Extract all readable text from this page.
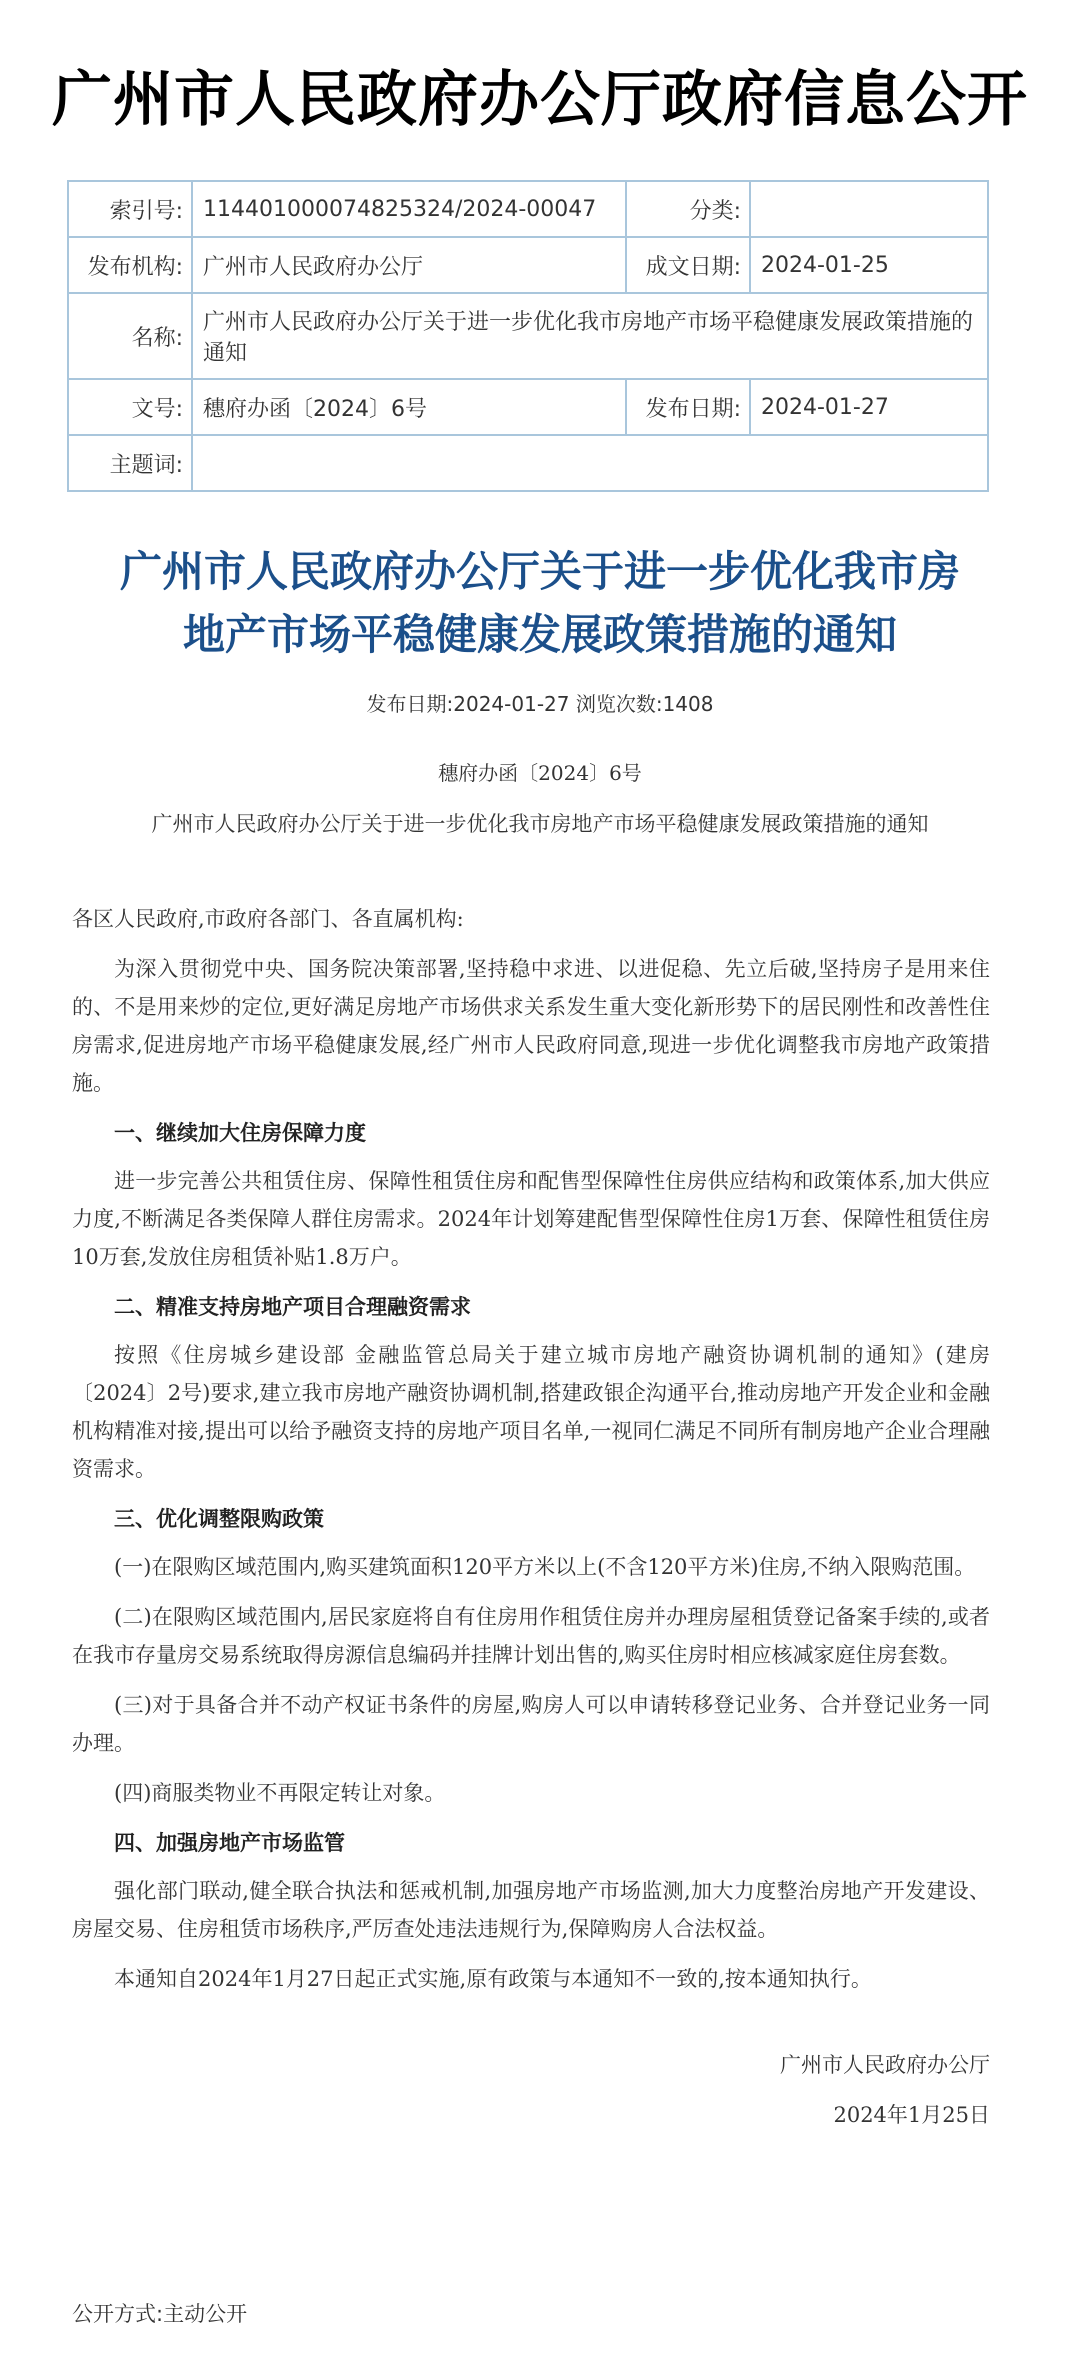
广州市人民政府办公厅政府信息公开
索引号:	114401000074825324/2024-00047	分类:	
发布机构:	广州市人民政府办公厅	成文日期:	2024-01-25
名称:	广州市人民政府办公厅关于进一步优化我市房地产市场平稳健康发展政策措施的通知		
文号:	穗府办函〔2024〕6号	发布日期:	2024-01-27
主题词:			
广州市人民政府办公厅关于进一步优化我市房
地产市场平稳健康发展政策措施的通知
发布日期:2024-01-27 浏览次数:1408
穗府办函〔2024〕6号
广州市人民政府办公厅关于进一步优化我市房地产市场平稳健康发展政策措施的通知

各区人民政府,市政府各部门、各直属机构:

为深入贯彻党中央、国务院决策部署,坚持稳中求进、以进促稳、先立后破,坚持房子是用来住的、不是用来炒的定位,更好满足房地产市场供求关系发生重大变化新形势下的居民刚性和改善性住房需求,促进房地产市场平稳健康发展,经广州市人民政府同意,现进一步优化调整我市房地产政策措施。

一、继续加大住房保障力度

进一步完善公共租赁住房、保障性租赁住房和配售型保障性住房供应结构和政策体系,加大供应力度,不断满足各类保障人群住房需求。2024年计划筹建配售型保障性住房1万套、保障性租赁住房10万套,发放住房租赁补贴1.8万户。

二、精准支持房地产项目合理融资需求

按照《住房城乡建设部 金融监管总局关于建立城市房地产融资协调机制的通知》(建房〔2024〕2号)要求,建立我市房地产融资协调机制,搭建政银企沟通平台,推动房地产开发企业和金融机构精准对接,提出可以给予融资支持的房地产项目名单,一视同仁满足不同所有制房地产企业合理融资需求。

三、优化调整限购政策

(一)在限购区域范围内,购买建筑面积120平方米以上(不含120平方米)住房,不纳入限购范围。

(二)在限购区域范围内,居民家庭将自有住房用作租赁住房并办理房屋租赁登记备案手续的,或者在我市存量房交易系统取得房源信息编码并挂牌计划出售的,购买住房时相应核减家庭住房套数。

(三)对于具备合并不动产权证书条件的房屋,购房人可以申请转移登记业务、合并登记业务一同办理。

(四)商服类物业不再限定转让对象。

四、加强房地产市场监管

强化部门联动,健全联合执法和惩戒机制,加强房地产市场监测,加大力度整治房地产开发建设、房屋交易、住房租赁市场秩序,严厉查处违法违规行为,保障购房人合法权益。

本通知自2024年1月27日起正式实施,原有政策与本通知不一致的,按本通知执行。

广州市人民政府办公厅

2024年1月25日

公开方式:主动公开
